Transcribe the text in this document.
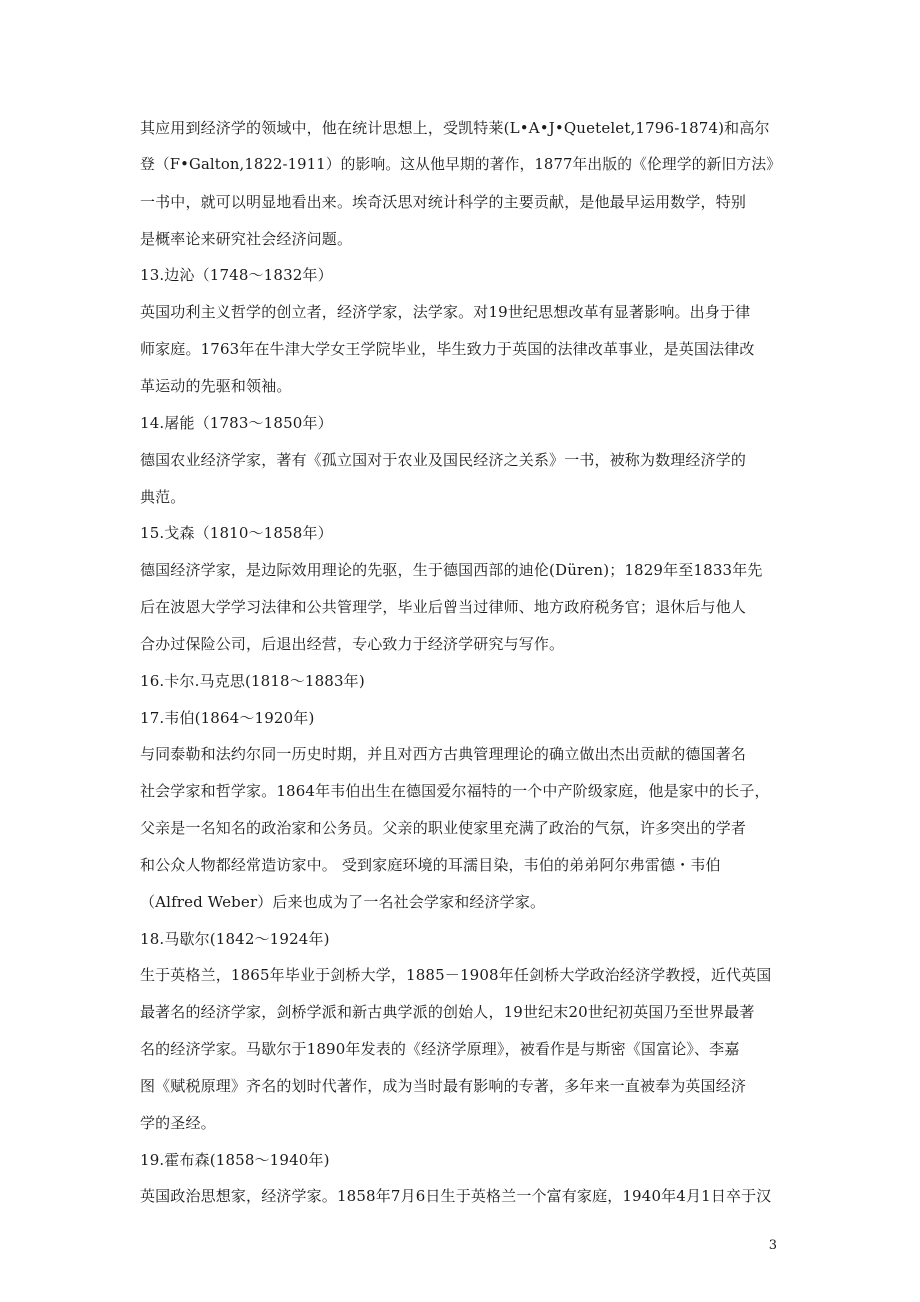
其应用到经济学的领域中，他在统计思想上，受凯特莱(L•A•J•Quetelet,1796-1874)和高尔
登（F•Galton,1822-1911）的影响。这从他早期的著作，1877年出版的《伦理学的新旧方法》
一书中，就可以明显地看出来。埃奇沃思对统计科学的主要贡献，是他最早运用数学，特别
是概率论来研究社会经济问题。
13.边沁（1748～1832年）
英国功利主义哲学的创立者，经济学家，法学家。对19世纪思想改革有显著影响。出身于律
师家庭。1763年在牛津大学女王学院毕业，毕生致力于英国的法律改革事业，是英国法律改
革运动的先驱和领袖。
14.屠能（1783～1850年）
德国农业经济学家，著有《孤立国对于农业及国民经济之关系》一书，被称为数理经济学的
典范。
15.戈森（1810～1858年）
德国经济学家，是边际效用理论的先驱，生于德国西部的迪伦(Düren)；1829年至1833年先
后在波恩大学学习法律和公共管理学，毕业后曾当过律师、地方政府税务官；退休后与他人
合办过保险公司，后退出经营，专心致力于经济学研究与写作。
16.卡尔.马克思(1818～1883年)
17.韦伯(1864～1920年)
与同泰勒和法约尔同一历史时期，并且对西方古典管理理论的确立做出杰出贡献的德国著名
社会学家和哲学家。1864年韦伯出生在德国爱尔福特的一个中产阶级家庭，他是家中的长子，
父亲是一名知名的政治家和公务员。父亲的职业使家里充满了政治的气氛，许多突出的学者
和公众人物都经常造访家中。 受到家庭环境的耳濡目染，韦伯的弟弟阿尔弗雷德・韦伯
（Alfred Weber）后来也成为了一名社会学家和经济学家。
18.马歇尔(1842～1924年)
生于英格兰，1865年毕业于剑桥大学，1885－1908年任剑桥大学政治经济学教授，近代英国
最著名的经济学家，剑桥学派和新古典学派的创始人，19世纪末20世纪初英国乃至世界最著
名的经济学家。马歇尔于1890年发表的《经济学原理》，被看作是与斯密《国富论》、李嘉
图《赋税原理》齐名的划时代著作，成为当时最有影响的专著，多年来一直被奉为英国经济
学的圣经。
19.霍布森(1858～1940年)
英国政治思想家，经济学家。1858年7月6日生于英格兰一个富有家庭，1940年4月1日卒于汉
3
